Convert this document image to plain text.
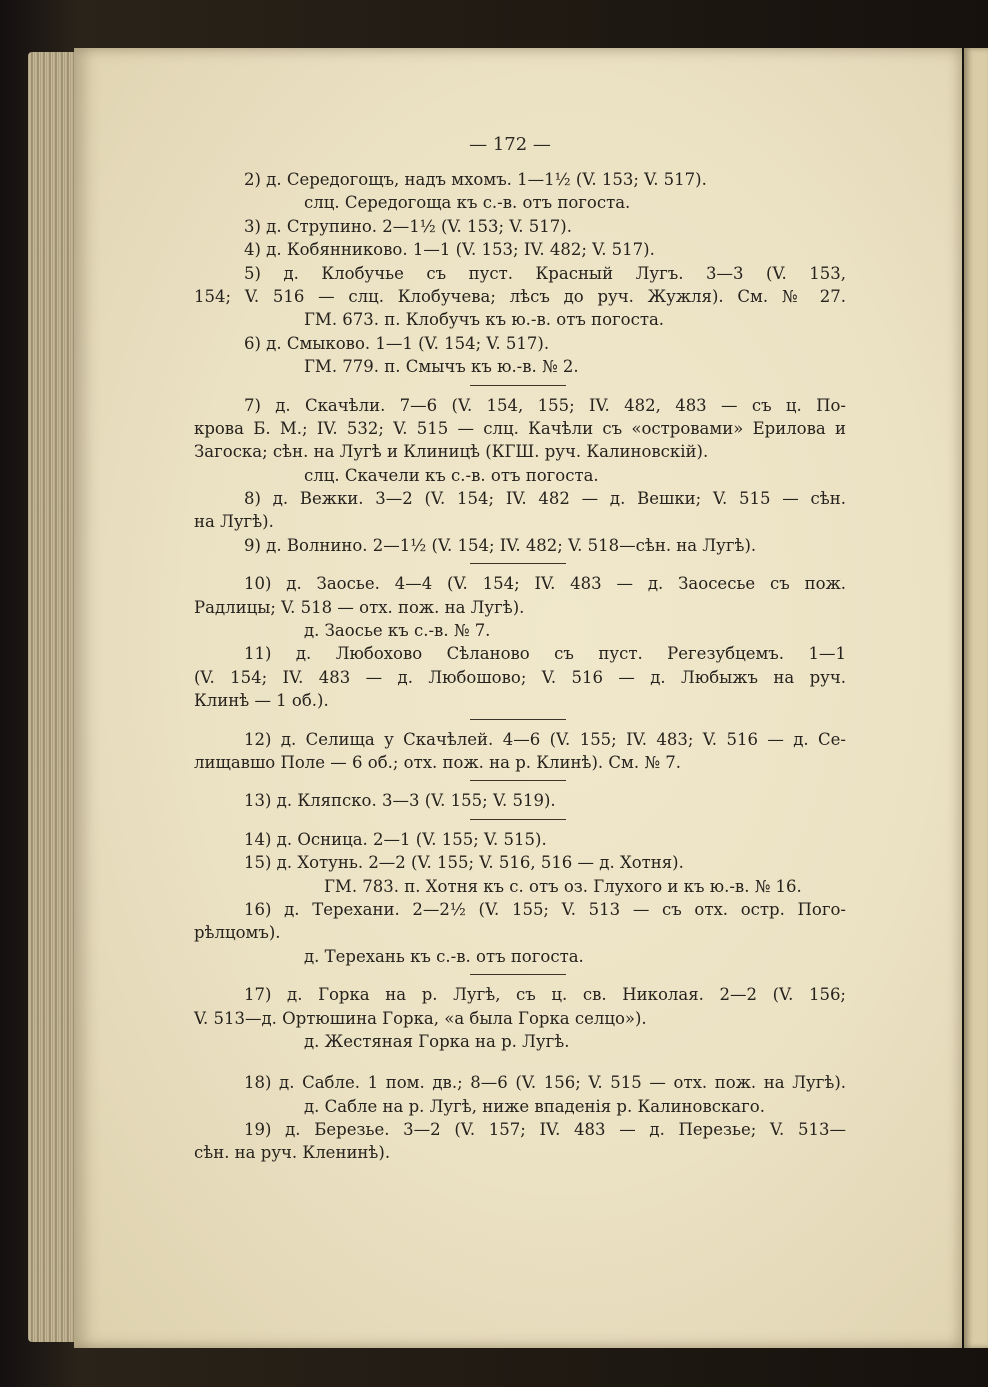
— 172 —
2) д. Середогощъ, надъ мхомъ. 1—1½ (V. 153; V. 517).
слц. Середогоща къ с.-в. отъ погоста.
3) д. Струпино. 2—1½ (V. 153; V. 517).
4) д. Кобянниково. 1—1 (V. 153; IV. 482; V. 517).
5) д. Клобучье съ пуст. Красный Лугъ. 3—3 (V. 153,
154; V. 516 — слц. Клобучева; лѣсъ до руч. Жужля). См. № 27.
ГМ. 673. п. Клобучъ къ ю.-в. отъ погоста.
6) д. Смыково. 1—1 (V. 154; V. 517).
ГМ. 779. п. Смычъ къ ю.-в. № 2.
7) д. Скачѣли. 7—6 (V. 154, 155; IV. 482, 483 — съ ц. По-
крова Б. М.; IV. 532; V. 515 — слц. Качѣли съ «островами» Ерилова и
Загоска; сѣн. на Лугѣ и Клиницѣ (КГШ. руч. Калиновскій).
слц. Скачели къ с.-в. отъ погоста.
8) д. Вежки. 3—2 (V. 154; IV. 482 — д. Вешки; V. 515 — сѣн.
на Лугѣ).
9) д. Волнино. 2—1½ (V. 154; IV. 482; V. 518—сѣн. на Лугѣ).
10) д. Заосье. 4—4 (V. 154; IV. 483 — д. Заосесье съ пож.
Радлицы; V. 518 — отх. пож. на Лугѣ).
д. Заосье къ с.-в. № 7.
11) д. Любохово Сѣланово съ пуст. Регезубцемъ. 1—1
(V. 154; IV. 483 — д. Любошово; V. 516 — д. Любыжъ на руч.
Клинѣ — 1 об.).
12) д. Селища у Скачѣлей. 4—6 (V. 155; IV. 483; V. 516 — д. Се-
лищавшо Поле — 6 об.; отх. пож. на р. Клинѣ). См. № 7.
13) д. Кляпско. 3—3 (V. 155; V. 519).
14) д. Осница. 2—1 (V. 155; V. 515).
15) д. Хотунь. 2—2 (V. 155; V. 516, 516 — д. Хотня).
ГМ. 783. п. Хотня къ с. отъ оз. Глухого и къ ю.-в. № 16.
16) д. Терехани. 2—2½ (V. 155; V. 513 — съ отх. остр. Пого-
рѣлцомъ).
д. Терехань къ с.-в. отъ погоста.
17) д. Горка на р. Лугѣ, съ ц. св. Николая. 2—2 (V. 156;
V. 513—д. Ортюшина Горка, «а была Горка селцо»).
д. Жестяная Горка на р. Лугѣ.
18) д. Сабле. 1 пом. дв.; 8—6 (V. 156; V. 515 — отх. пож. на Лугѣ).
д. Сабле на р. Лугѣ, ниже впаденія р. Калиновскаго.
19) д. Березье. 3—2 (V. 157; IV. 483 — д. Перезье; V. 513—
сѣн. на руч. Кленинѣ).
